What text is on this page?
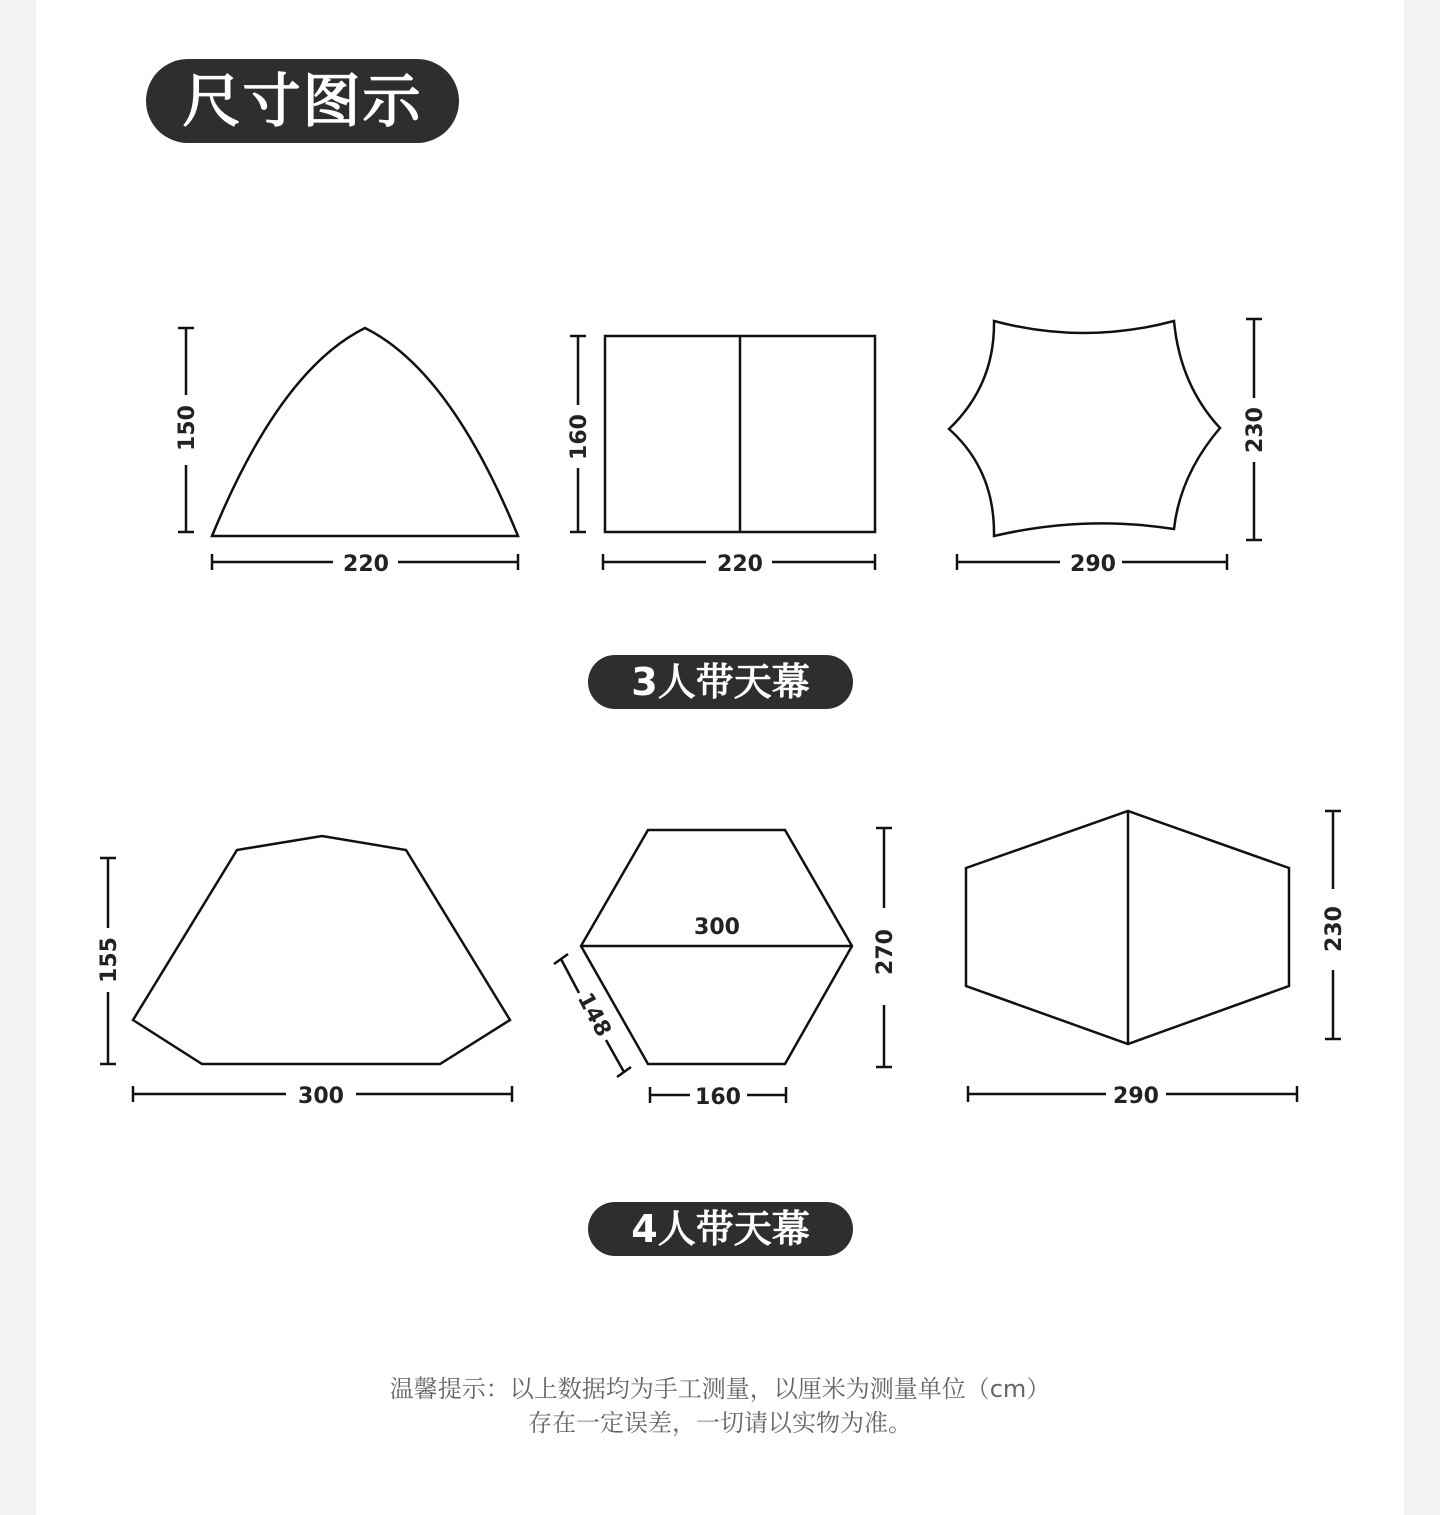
尺寸图示
150
220
160
220
230
290
155
300
300
148
160
270
230
290
3人带天幕
4人带天幕
温馨提示：以上数据均为手工测量，以厘米为测量单位（cm）
存在一定误差，一切请以实物为准。
